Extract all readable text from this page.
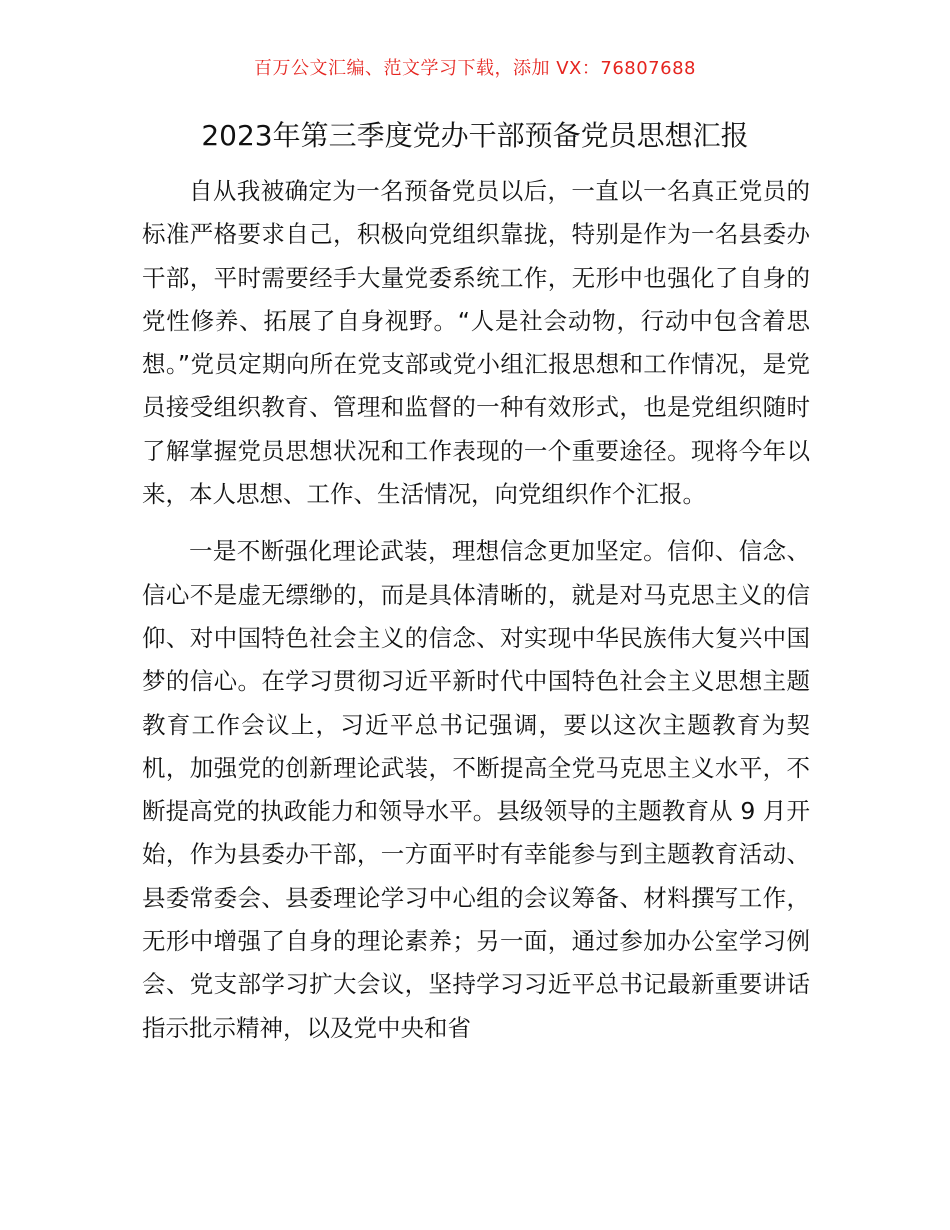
百万公文汇编、范文学习下载，添加 VX：76807688
2023年第三季度党办干部预备党员思想汇报

自从我被确定为一名预备党员以后，一直以一名真正党员的标准严格要求自己，积极向党组织靠拢，特别是作为一名县委办干部，平时需要经手大量党委系统工作，无形中也强化了自身的党性修养、拓展了自身视野。“人是社会动物，行动中包含着思想。”党员定期向所在党支部或党小组汇报思想和工作情况，是党员接受组织教育、管理和监督的一种有效形式，也是党组织随时了解掌握党员思想状况和工作表现的一个重要途径。现将今年以来，本人思想、工作、生活情况，向党组织作个汇报。

一是不断强化理论武装，理想信念更加坚定。信仰、信念、信心不是虚无缥缈的，而是具体清晰的，就是对马克思主义的信仰、对中国特色社会主义的信念、对实现中华民族伟大复兴中国梦的信心。在学习贯彻习近平新时代中国特色社会主义思想主题教育工作会议上，习近平总书记强调，要以这次主题教育为契机，加强党的创新理论武装，不断提高全党马克思主义水平，不断提高党的执政能力和领导水平。县级领导的主题教育从 9 月开始，作为县委办干部，一方面平时有幸能参与到主题教育活动、县委常委会、县委理论学习中心组的会议筹备、材料撰写工作，无形中增强了自身的理论素养；另一面，通过参加办公室学习例会、党支部学习扩大会议，坚持学习习近平总书记最新重要讲话指示批示精神，以及党中央和省
